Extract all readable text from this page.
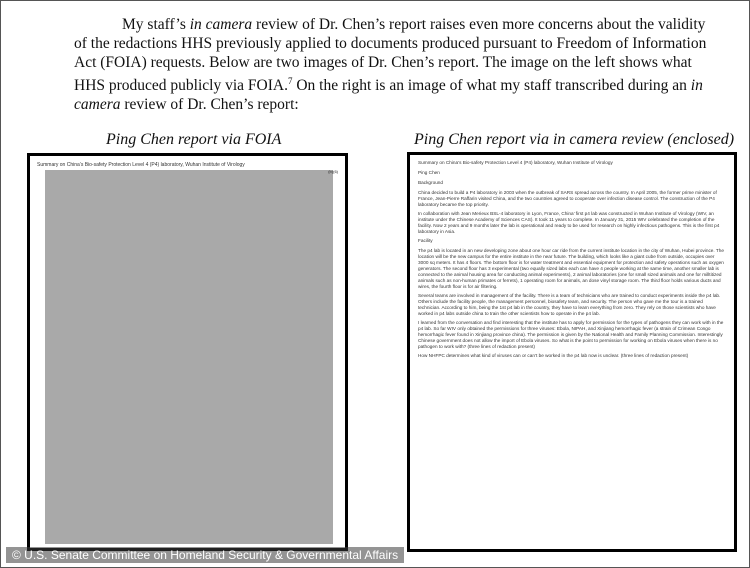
My staff’s in camera review of Dr. Chen’s report raises even more concerns about the validity of the redactions HHS previously applied to documents produced pursuant to Freedom of Information Act (FOIA) requests. Below are two images of Dr. Chen’s report. The image on the left shows what HHS produced publicly via FOIA.$^7$ On the right is an image of what my staff transcribed during an in camera review of Dr. Chen’s report:

Ping Chen report via FOIA	Ping Chen report via in camera review (enclosed)
Summary on China’s Bio-safety Protection Level 4 (P4) laboratory, Wuhan Institute of Virology
(b)(6)

Summary on China’s Bio-safety Protection Level 4 (P4) laboratory, Wuhan Institute of Virology

Ping Chen

Background

China decided to build a P4 laboratory in 2003 when the outbreak of SARS spread across the country. In April 2005, the former prime minister of France, Jean-Pierre Raffarin visited China, and the two countries agreed to cooperate over infection disease control. The construction of the P4 laboratory became the top priority.

In collaboration with Jean Merieux BSL-4 laboratory in Lyon, France, China’ first p4 lab was constructed in Wuhan Institute of Virology (WIV, an institute under the Chinese Academy of Sciences CAS). It took 11 years to complete. In January 31, 2015 WIV celebrated the completion of the facility. Now 2 years and 9 months later the lab is operational and ready to be used for research on highly infectious pathogens. This is the first p4 laboratory in Asia.

Facility

The p4 lab is located in an new developing zone about one hour car ride from the current institute location in the city of Wuhan, Hubei province. The location will be the new campus for the entire institute in the near future. The building, which looks like a giant cube from outside, occupies over 3000 sq meters. It has 4 floors. The bottom floor is for water treatment and essential equipment for protection and safety operations such as oxygen generators. The second floor has 3 experimental (two equally sized labs each can have 4 people working at the same time, another smaller lab is connected to the animal housing area for conducting animal experiments), 2 animal laboratories (one for small sized animals and one for milltitized animals such as non-human primates or ferrets), 1 operating room for animals, an dose vinyl storage room. The third floor holds various ducts and wires, the fourth floor is for air filtering.

Several teams are involved in management of the facility. There is a team of technicians who are trained to conduct experiments inside the p4 lab. Others include the facility people, the management personnel, biosafety team, and security. The person who gave me the tour is a trained technician. According to him, being the 1st p4 lab in the country, they have to learn everything from zero. They rely on those scientists who have worked in p4 labs outside china to train the other scientists how to operate in the p4 lab.

I learned from the conversation and find interesting that the institute has to apply for permission for the types of pathogens they can work with in the p4 lab. So far WIV only obtained the permissions for three viruses: Ebola, NIPAH, and Xinjiang hemorrhagic fever (a strain of Crimean Congo hemorrhagic fever found in Xinjiang province china). The permission is given by the National Health and Family Planning Commission. Interestingly Chinese government does not allow the import of Ebola viruses. So what is the point to permission for working on Ebola viruses when there is no pathogen to work with? (three lines of redaction present)

How NHFPC determines what kind of viruses can or can’t be worked in the p4 lab now is unclear. (three lines of redaction present)

© U.S. Senate Committee on Homeland Security & Governmental Affairs
